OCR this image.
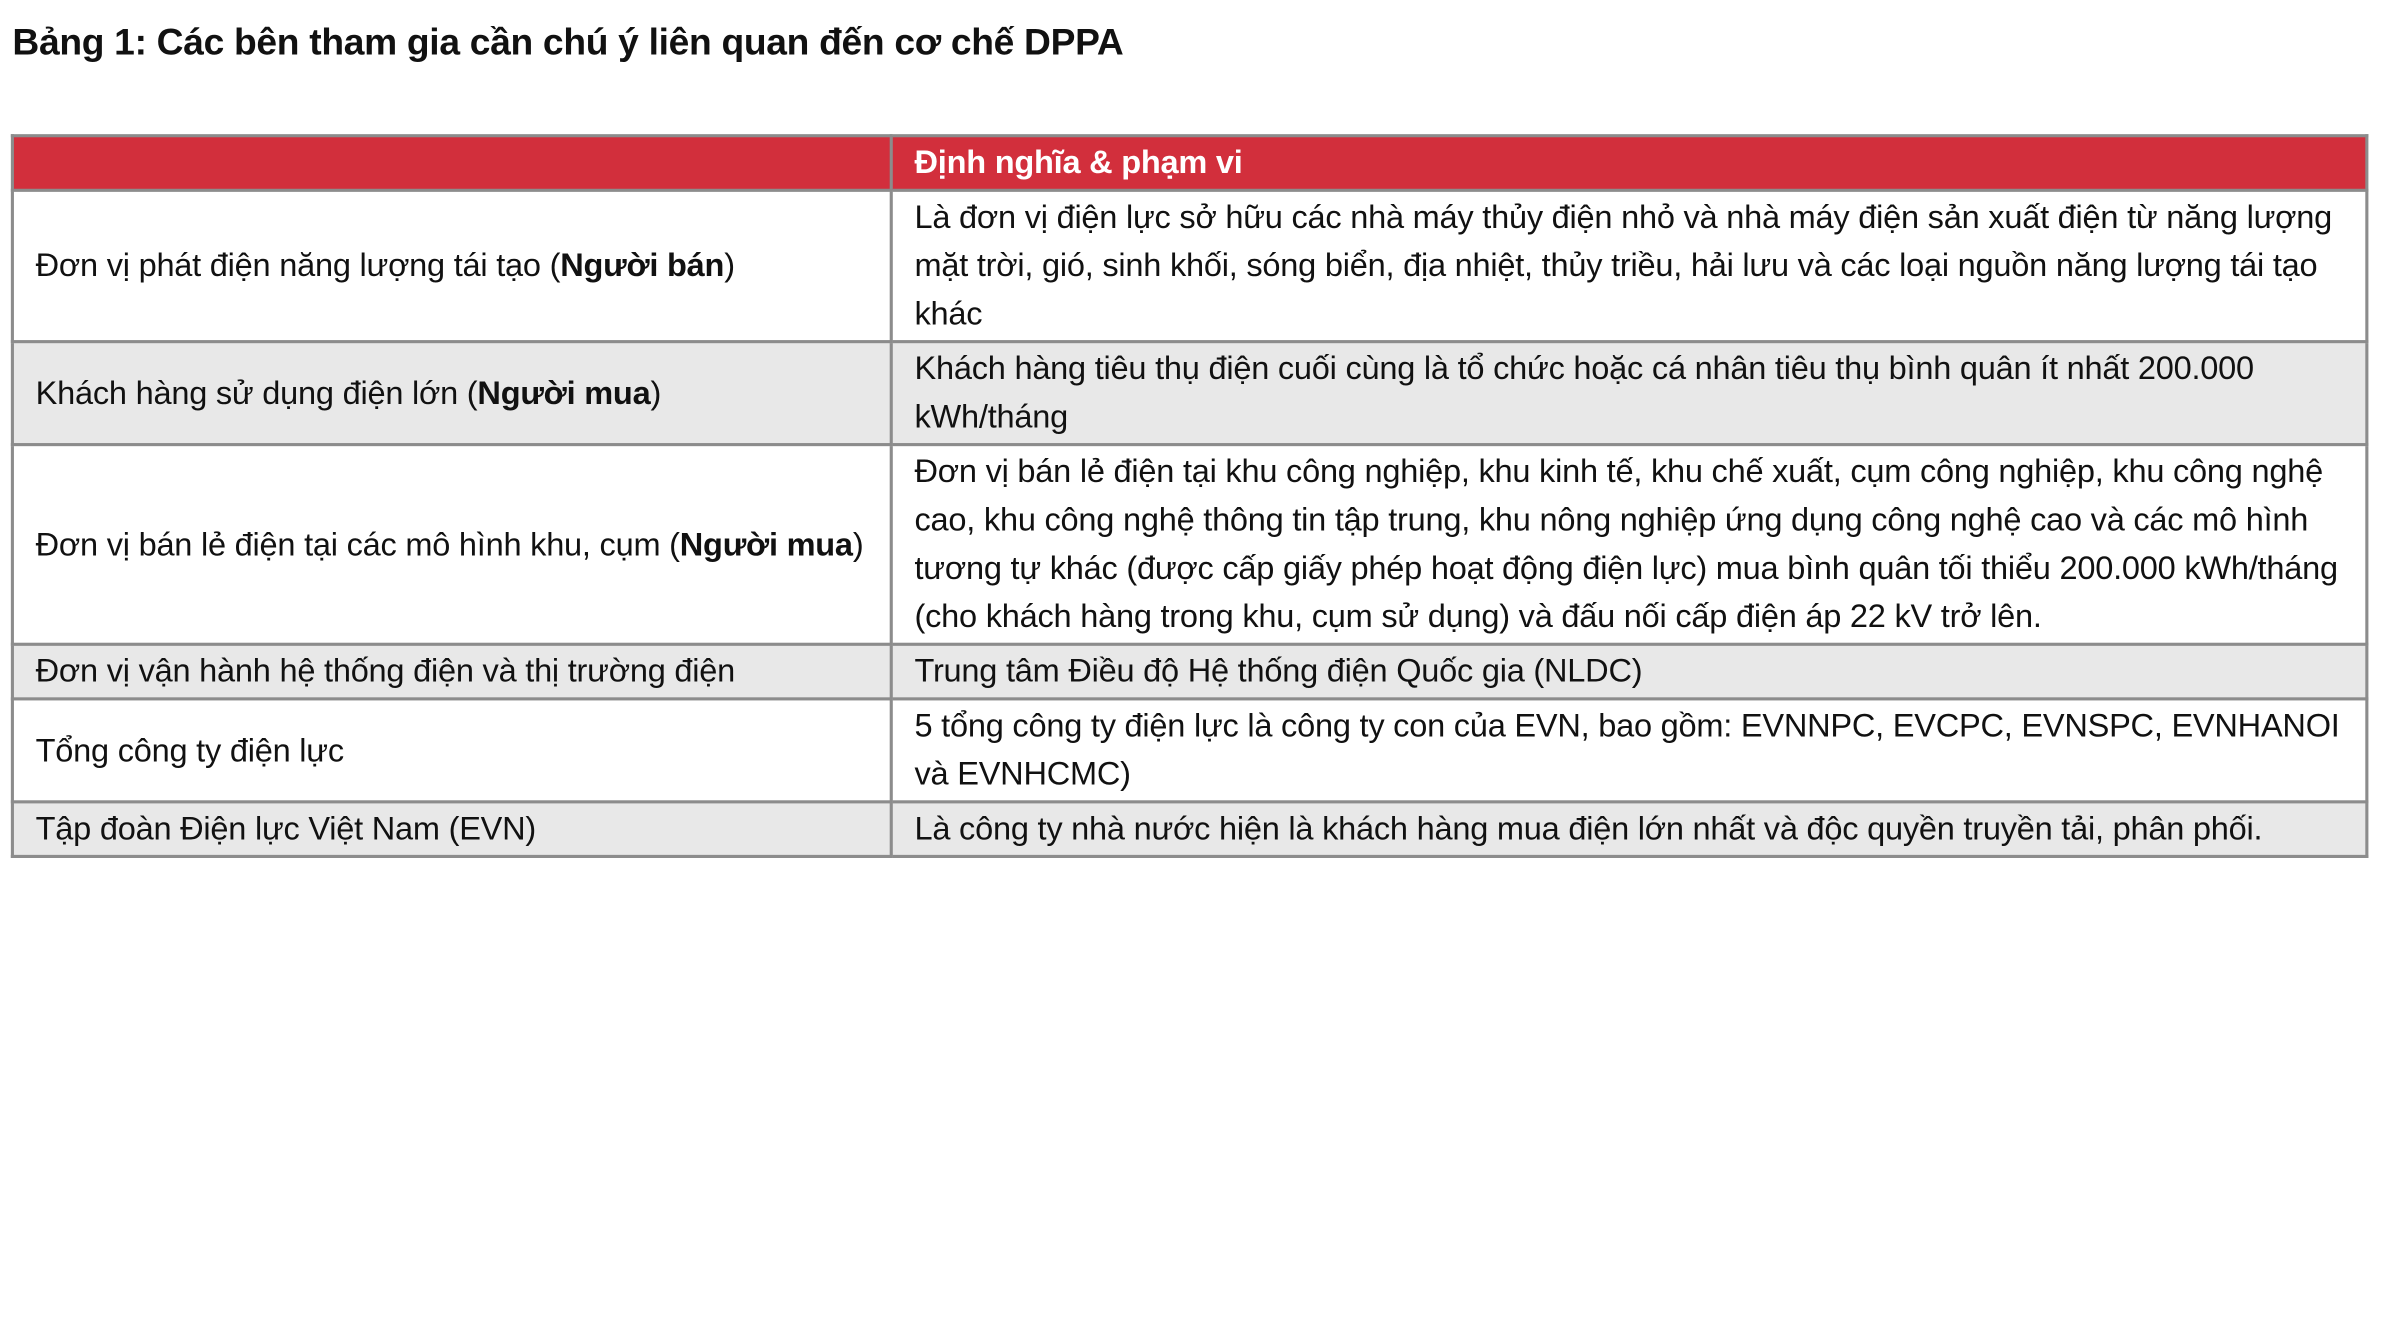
Bảng 1: Các bên tham gia cần chú ý liên quan đến cơ chế DPPA
	Định nghĩa & phạm vi
Đơn vị phát điện năng lượng tái tạo (Người bán)	Là đơn vị điện lực sở hữu các nhà máy thủy điện nhỏ và nhà máy điện sản xuất điện từ năng lượng mặt trời, gió, sinh khối, sóng biển, địa nhiệt, thủy triều, hải lưu và các loại nguồn năng lượng tái tạo khác
Khách hàng sử dụng điện lớn (Người mua)	Khách hàng tiêu thụ điện cuối cùng là tổ chức hoặc cá nhân tiêu thụ bình quân ít nhất 200.000 kWh/tháng
Đơn vị bán lẻ điện tại các mô hình khu, cụm (Người mua)	Đơn vị bán lẻ điện tại khu công nghiệp, khu kinh tế, khu chế xuất, cụm công nghiệp, khu công nghệ cao, khu công nghệ thông tin tập trung, khu nông nghiệp ứng dụng công nghệ cao và các mô hình tương tự khác (được cấp giấy phép hoạt động điện lực) mua bình quân tối thiểu 200.000 kWh/tháng (cho khách hàng trong khu, cụm sử dụng) và đấu nối cấp điện áp 22 kV trở lên.
Đơn vị vận hành hệ thống điện và thị trường điện	Trung tâm Điều độ Hệ thống điện Quốc gia (NLDC)
Tổng công ty điện lực	5 tổng công ty điện lực là công ty con của EVN, bao gồm: EVNNPC, EVCPC, EVNSPC, EVNHANOI và EVNHCMC)
Tập đoàn Điện lực Việt Nam (EVN)	Là công ty nhà nước hiện là khách hàng mua điện lớn nhất và độc quyền truyền tải, phân phối.
